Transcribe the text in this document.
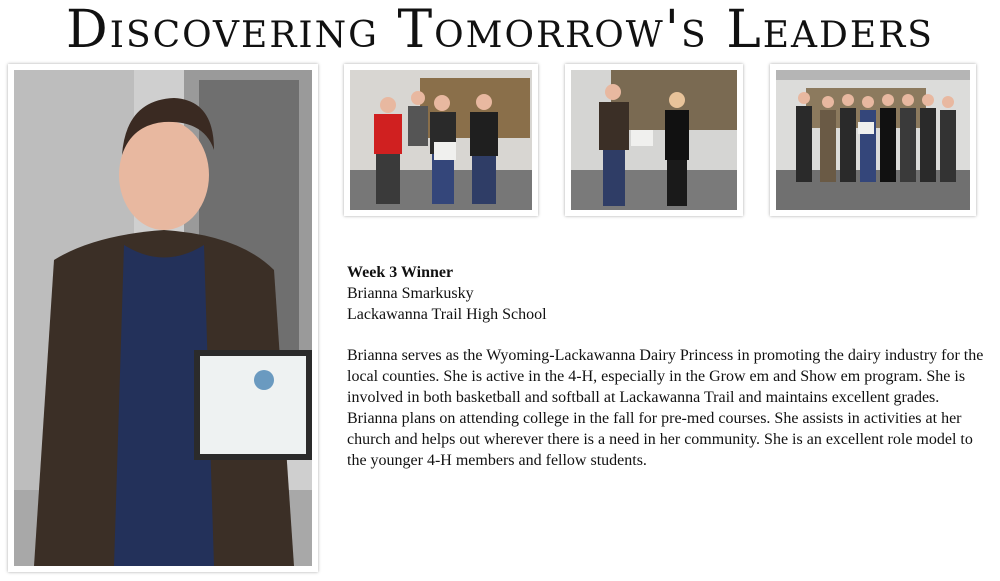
Discovering Tomorrow's Leaders

Week 3 Winner

Brianna Smarkusky

Lackawanna Trail High School

Brianna serves as the Wyoming-Lackawanna Dairy Princess in promoting the dairy industry for the local counties. She is active in the 4-H, especially in the Grow em and Show em program. She is involved in both basketball and softball at Lackawanna Trail and maintains excellent grades. Brianna plans on attending college in the fall for pre-med courses. She assists in activities at her church and helps out wherever there is a need in her community. She is an excellent role model to the younger 4-H members and fellow students.
